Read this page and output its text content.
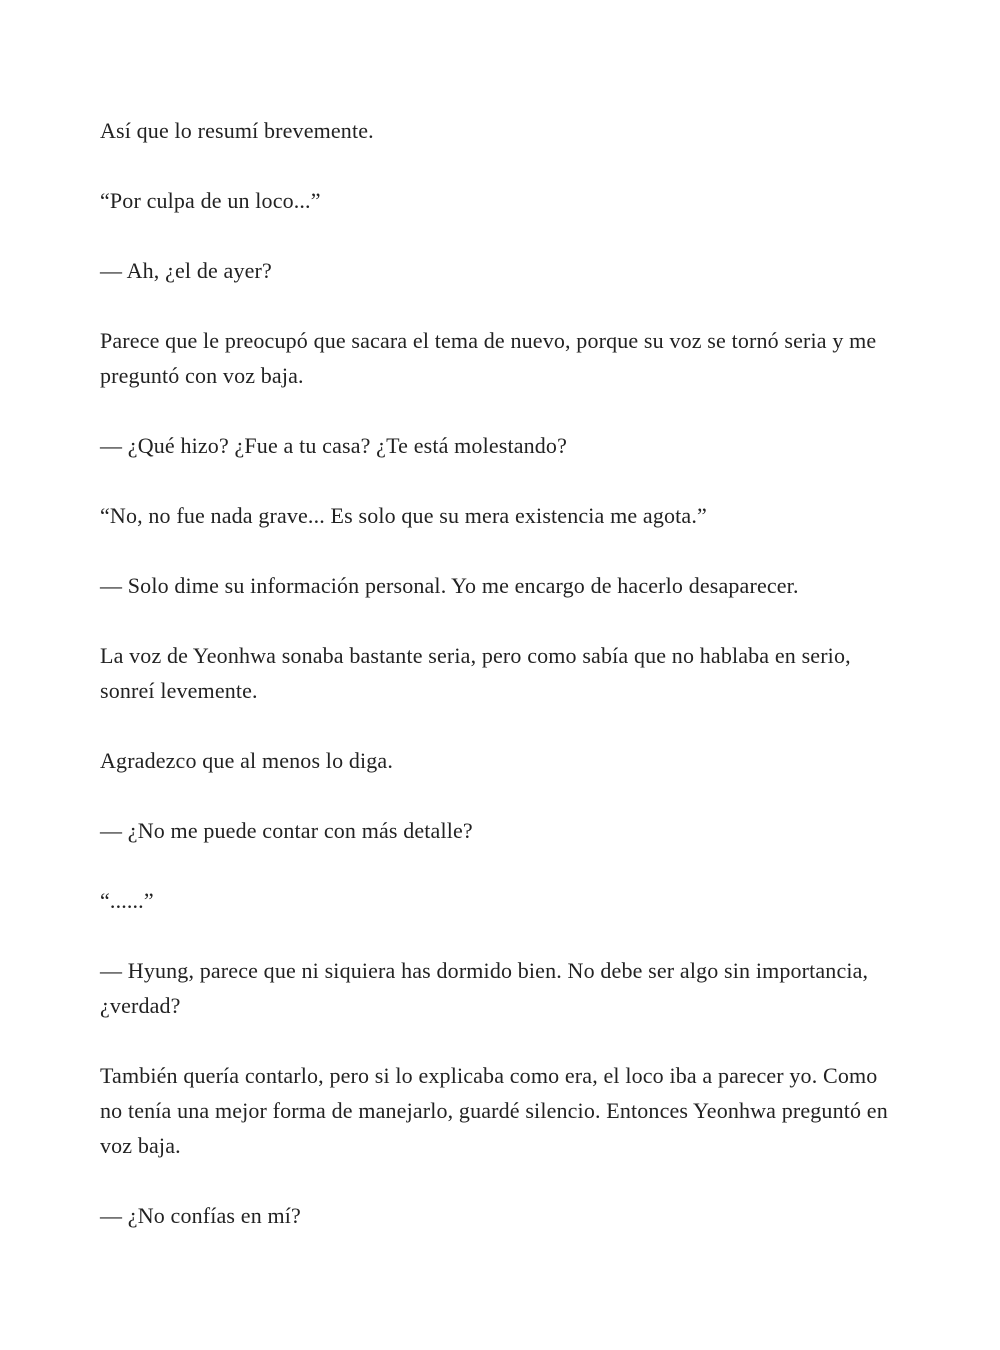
Así que lo resumí brevemente.

“Por culpa de un loco...”

— Ah, ¿el de ayer?

Parece que le preocupó que sacara el tema de nuevo, porque su voz se tornó seria y me preguntó con voz baja.

— ¿Qué hizo? ¿Fue a tu casa? ¿Te está molestando?

“No, no fue nada grave... Es solo que su mera existencia me agota.”

— Solo dime su información personal. Yo me encargo de hacerlo desaparecer.

La voz de Yeonhwa sonaba bastante seria, pero como sabía que no hablaba en serio, sonreí levemente.

Agradezco que al menos lo diga.

— ¿No me puede contar con más detalle?

“......”

— Hyung, parece que ni siquiera has dormido bien. No debe ser algo sin importancia, ¿verdad?

También quería contarlo, pero si lo explicaba como era, el loco iba a parecer yo. Como no tenía una mejor forma de manejarlo, guardé silencio. Entonces Yeonhwa preguntó en voz baja.

— ¿No confías en mí?
